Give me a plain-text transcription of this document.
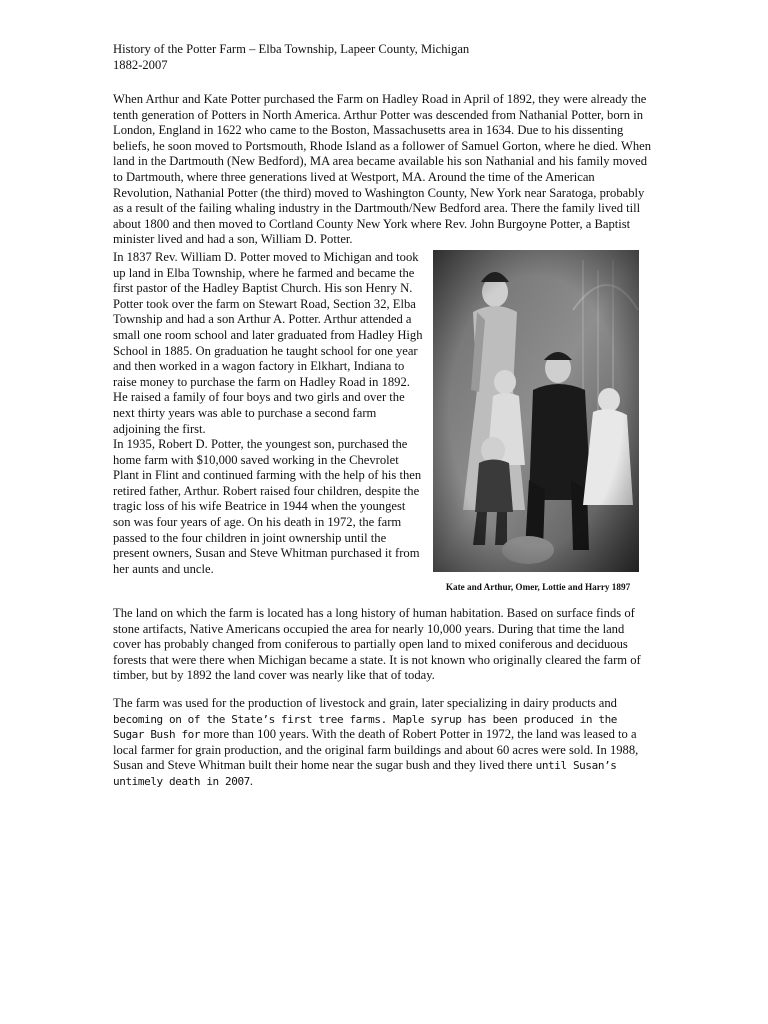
History of the Potter Farm – Elba Township, Lapeer County, Michigan
1882-2007

When Arthur and Kate Potter purchased the Farm on Hadley Road in April of 1892, they were already the tenth generation of Potters in North America. Arthur Potter was descended from Nathanial Potter, born in London, England in 1622 who came to the Boston, Massachusetts area in 1634. Due to his dissenting beliefs, he soon moved to Portsmouth, Rhode Island as a follower of Samuel Gorton, where he died. When land in the Dartmouth (New Bedford), MA area became available his son Nathanial and his family moved to Dartmouth, where three generations lived at Westport, MA. Around the time of the American Revolution, Nathanial Potter (the third) moved to Washington County, New York near Saratoga, probably as a result of the failing whaling industry in the Dartmouth/New Bedford area. There the family lived till about 1800 and then moved to Cortland County New York where Rev. John Burgoyne Potter, a Baptist minister lived and had a son, William D. Potter.

In 1837 Rev. William D. Potter moved to Michigan and took up land in Elba Township, where he farmed and became the first pastor of the Hadley Baptist Church. His son Henry N. Potter took over the farm on Stewart Road, Section 32, Elba Township and had a son Arthur A. Potter. Arthur attended a small one room school and later graduated from Hadley High School in 1885. On graduation he taught school for one year and then worked in a wagon factory in Elkhart, Indiana to raise money to purchase the farm on Hadley Road in 1892. He raised a family of four boys and two girls and over the next thirty years was able to purchase a second farm adjoining the first.

In 1935, Robert D. Potter, the youngest son, purchased the home farm with $10,000 saved working in the Chevrolet Plant in Flint and continued farming with the help of his then retired father, Arthur. Robert raised four children, despite the tragic loss of his wife Beatrice in 1944 when the youngest son was four years of age. On his death in 1972, the farm passed to the four children in joint ownership until the present owners, Susan and Steve Whitman purchased it from her aunts and uncle.

The land on which the farm is located has a long history of human habitation. Based on surface finds of stone artifacts, Native Americans occupied the area for nearly 10,000 years. During that time the land cover has probably changed from coniferous to partially open land to mixed coniferous and deciduous forests that were there when Michigan became a state. It is not known who originally cleared the farm of timber, but by 1892 the land cover was nearly like that of today.

The farm was used for the production of livestock and grain, later specializing in dairy products and becoming on of the State’s first tree farms. Maple syrup has been produced in the Sugar Bush for more than 100 years. With the death of Robert Potter in 1972, the land was leased to a local farmer for grain production, and the original farm buildings and about 60 acres were sold. In 1988, Susan and Steve Whitman built their home near the sugar bush and they lived there until Susan’s untimely death in 2007.

Kate and Arthur, Omer, Lottie and Harry 1897
